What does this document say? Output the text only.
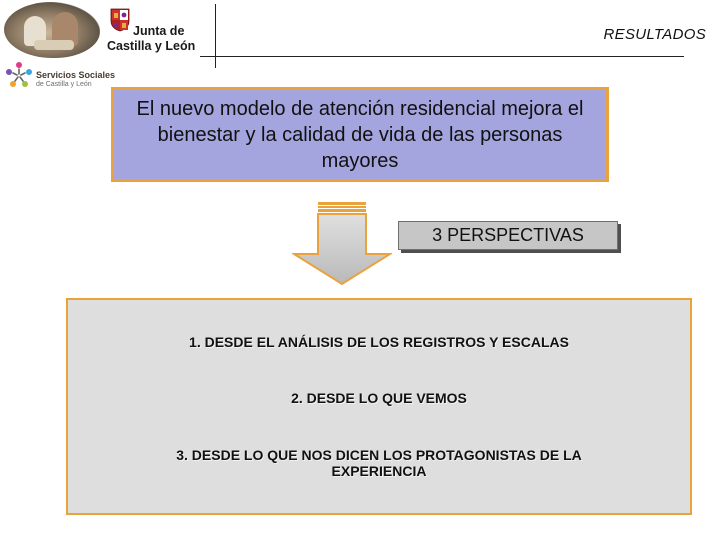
Junta de
Castilla y León
Servicios Sociales
de Castilla y León
RESULTADOS
El nuevo modelo de atención residencial mejora el bienestar y la calidad de vida de las personas mayores
3 PERSPECTIVAS
1. DESDE EL ANÁLISIS DE LOS REGISTROS Y ESCALAS
2. DESDE LO QUE VEMOS
3. DESDE LO QUE NOS DICEN LOS PROTAGONISTAS DE LA EXPERIENCIA
